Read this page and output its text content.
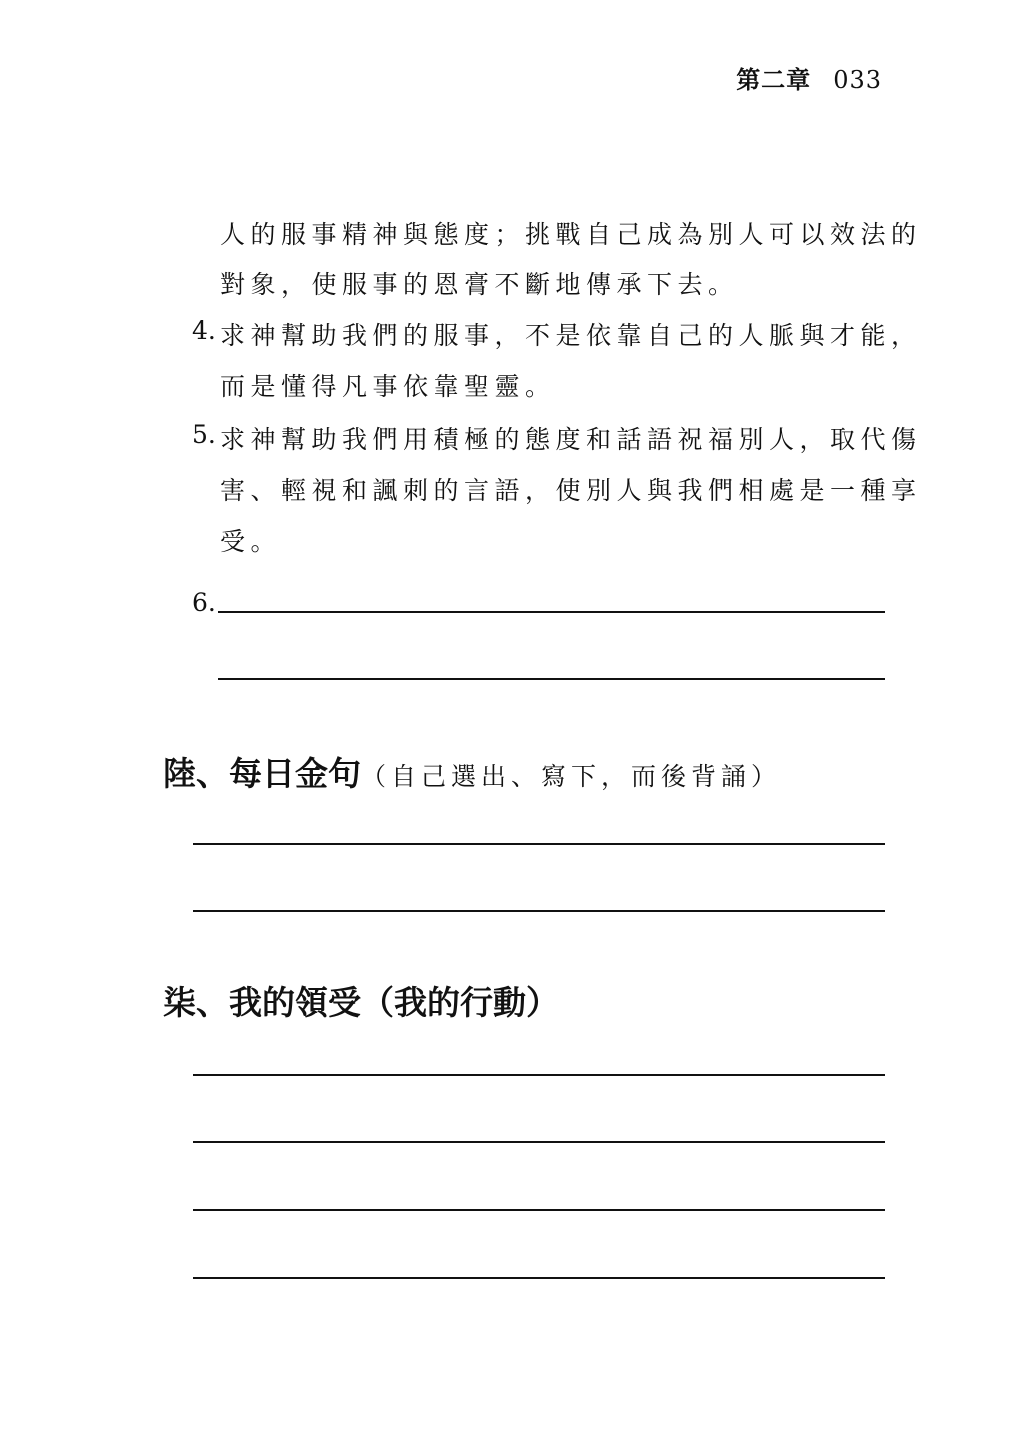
第二章 033
人的服事精神與態度；挑戰自己成為別人可以效法的
對象，使服事的恩膏不斷地傳承下去。
4. 求神幫助我們的服事，不是依靠自己的人脈與才能，
而是懂得凡事依靠聖靈。
5. 求神幫助我們用積極的態度和話語祝福別人，取代傷
害、輕視和諷刺的言語，使別人與我們相處是一種享
受。
6.
陸、每日金句（自己選出、寫下，而後背誦）
柒、我的領受（我的行動）
